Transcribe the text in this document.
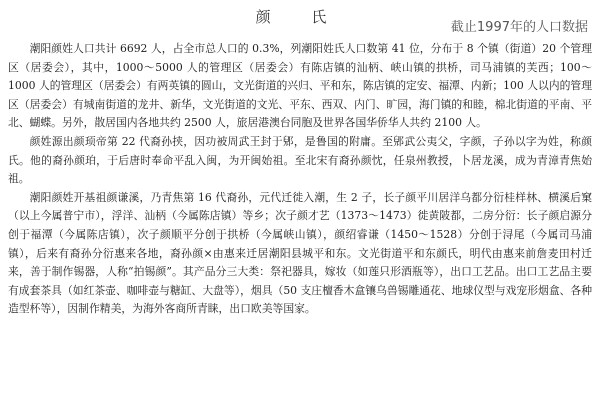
颜 氏
截止1997年的人口数据

潮阳颜姓人口共计 6692 人，占全市总人口的 0.3%，列潮阳姓氏人口数第 41 位，分布于 8 个镇（街道）20 个管理区（居委会），其中，1000～5000 人的管理区（居委会）有陈店镇的汕柄、峡山镇的拱桥，司马浦镇的芙西；100～1000 人的管理区（居委会）有两英镇的圆山，文光街道的兴归、平和东，陈店镇的定安、福潭、内新；100 人以内的管理区（居委会）有城南街道的龙井、新华，文光街道的文光、平东、西双、内门、旷园，海门镇的和睦，棉北街道的平南、平北、蝴蝶。另外，散居国内各地共约 2500 人，旅居港澳台同胞及世界各国华侨华人共约 2100 人。

颜姓源出颜顼帝第 22 代裔孙挟，因功被周武王封于郳，是鲁国的附庸。至郳武公夷父，字颜，子孙以字为姓，称颜氏。他的裔孙颜珀，于后唐时奉命平乱入闽，为开闽始祖。至北宋有裔孙颜忱，任泉州教授，卜居龙溪，成为青漳青焦始祖。

潮阳颜姓开基祖颜谦溪，乃青焦第 16 代裔孙，元代迁徙入潮，生 2 子，长子颜平川居洋乌都分衍桂样林、横溪后窠（以上今属普宁市），浮洋、汕柄（今属陈店镇）等乡；次子颜才艺（1373～1473）徙黄陂都，二房分衍：长子颜启源分创于福潭（今属陈店镇），次子颜顺平分创于拱桥（今属峡山镇），颜绍睿谦（1450～1528）分创于浔尾（今属司马浦镇），后来有裔孙分衍惠来各地，裔孙颜×由惠来迁居潮阳县城平和东。文光街道平和东颜氏，明代由惠来前詹麦田村迁来，善于制作锡器，人称“拍锡颜”。其产品分三大类：祭祀器具，嫁妆（如莲只形酒瓶等），出口工艺品。出口工艺品主要有成套茶具（如红茶壶、咖啡壶与糖缸、大盘等），烟具（50 支庄檀香木盒镶乌兽锡雕通花、地球仪型与戏宠形烟盒、各种造型杯等），因制作精美，为海外客商所青睐，出口欧美等国家。
